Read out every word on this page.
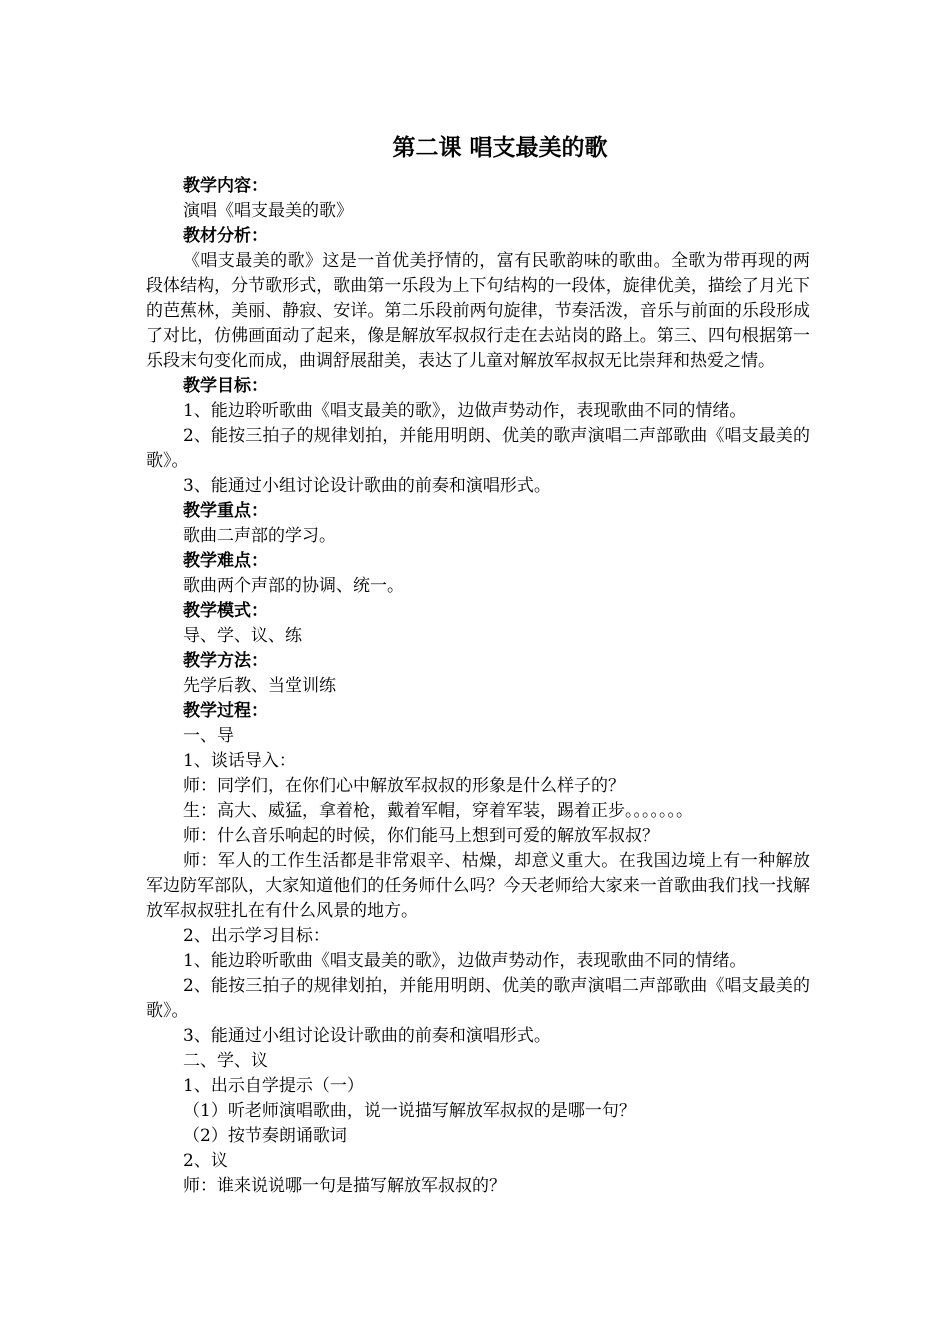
第二课 唱支最美的歌
教学内容：
演唱《唱支最美的歌》
教材分析：

《唱支最美的歌》这是一首优美抒情的，富有民歌韵味的歌曲。全歌为带再现的两段体结构，分节歌形式，歌曲第一乐段为上下句结构的一段体，旋律优美，描绘了月光下的芭蕉林，美丽、静寂、安详。第二乐段前两句旋律，节奏活泼，音乐与前面的乐段形成了对比，仿佛画面动了起来，像是解放军叔叔行走在去站岗的路上。第三、四句根据第一乐段末句变化而成，曲调舒展甜美，表达了儿童对解放军叔叔无比崇拜和热爱之情。

教学目标：
1、能边聆听歌曲《唱支最美的歌》，边做声势动作，表现歌曲不同的情绪。

2、能按三拍子的规律划拍，并能用明朗、优美的歌声演唱二声部歌曲《唱支最美的歌》。

3、能通过小组讨论设计歌曲的前奏和演唱形式。
教学重点：
歌曲二声部的学习。
教学难点：
歌曲两个声部的协调、统一。
教学模式：
导、学、议、练
教学方法：
先学后教、当堂训练
教学过程：
一、导
1、谈话导入：
师：同学们，在你们心中解放军叔叔的形象是什么样子的？
生：高大、威猛，拿着枪，戴着军帽，穿着军装，踢着正步。。。。。。。
师：什么音乐响起的时候，你们能马上想到可爱的解放军叔叔？

师：军人的工作生活都是非常艰辛、枯燥，却意义重大。在我国边境上有一种解放军边防军部队，大家知道他们的任务师什么吗？今天老师给大家来一首歌曲我们找一找解放军叔叔驻扎在有什么风景的地方。

2、出示学习目标：
1、能边聆听歌曲《唱支最美的歌》，边做声势动作，表现歌曲不同的情绪。

2、能按三拍子的规律划拍，并能用明朗、优美的歌声演唱二声部歌曲《唱支最美的歌》。

3、能通过小组讨论设计歌曲的前奏和演唱形式。
二、学、议
1、出示自学提示（一）
（1）听老师演唱歌曲，说一说描写解放军叔叔的是哪一句？
（2）按节奏朗诵歌词
2、议
师：谁来说说哪一句是描写解放军叔叔的？
